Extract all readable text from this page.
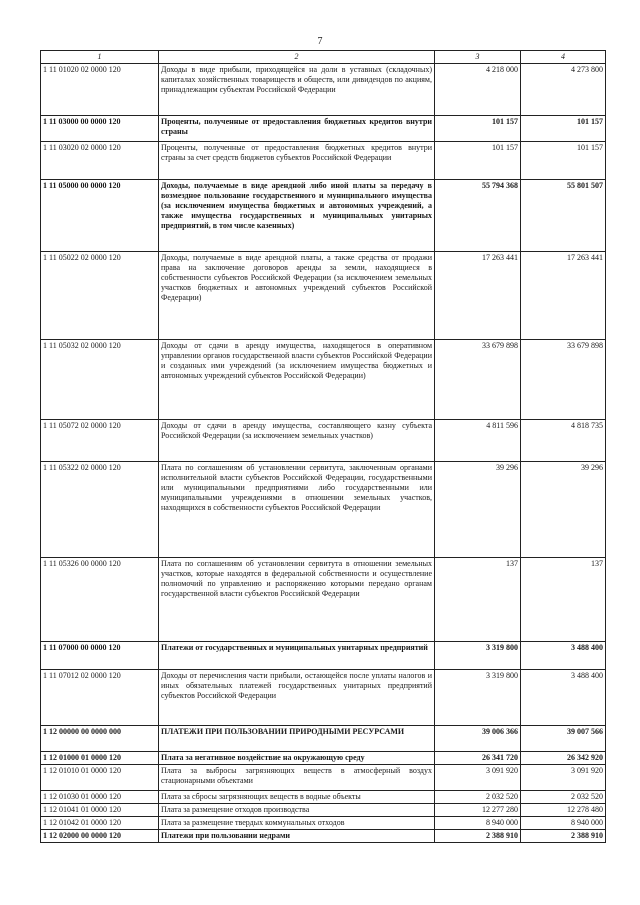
7
1	2	3	4
1 11 01020 02 0000 120	Доходы в виде прибыли, приходящейся на доли в уставных (складочных) капиталах хозяйственных товариществ и обществ, или дивидендов по акциям, принадлежащим субъектам Российской Федерации	4 218 000	4 273 800
1 11 03000 00 0000 120	Проценты, полученные от предоставления бюджетных кредитов внутри страны	101 157	101 157
1 11 03020 02 0000 120	Проценты, полученные от предоставления бюджетных кредитов внутри страны за счет средств бюджетов субъектов Российской Федерации	101 157	101 157
1 11 05000 00 0000 120	Доходы, получаемые в виде арендной либо иной платы за передачу в возмездное пользование государственного и муниципального имущества (за исключением имущества бюджетных и автономных учреждений, а также имущества государственных и муниципальных унитарных предприятий, в том числе казенных)	55 794 368	55 801 507
1 11 05022 02 0000 120	Доходы, получаемые в виде арендной платы, а также средства от продажи права на заключение договоров аренды за земли, находящиеся в собственности субъектов Российской Федерации (за исключением земельных участков бюджетных и автономных учреждений субъектов Российской Федерации)	17 263 441	17 263 441
1 11 05032 02 0000 120	Доходы от сдачи в аренду имущества, находящегося в оперативном управлении органов государственной власти субъектов Российской Федерации и созданных ими учреждений (за исключением имущества бюджетных и автономных учреждений субъектов Российской Федерации)	33 679 898	33 679 898
1 11 05072 02 0000 120	Доходы от сдачи в аренду имущества, составляющего казну субъекта Российской Федерации (за исключением земельных участков)	4 811 596	4 818 735
1 11 05322 02 0000 120	Плата по соглашениям об установлении сервитута, заключенным органами исполнительной власти субъектов Российской Федерации, государственными или муниципальными предприятиями либо государственными или муниципальными учреждениями в отношении земельных участков, находящихся в собственности субъектов Российской Федерации	39 296	39 296
1 11 05326 00 0000 120	Плата по соглашениям об установлении сервитута в отношении земельных участков, которые находятся в федеральной собственности и осуществление полномочий по управлению и распоряжению которыми передано органам государственной власти субъектов Российской Федерации	137	137
1 11 07000 00 0000 120	Платежи от государственных и муниципальных унитарных предприятий	3 319 800	3 488 400
1 11 07012 02 0000 120	Доходы от перечисления части прибыли, остающейся после уплаты налогов и иных обязательных платежей государственных унитарных предприятий субъектов Российской Федерации	3 319 800	3 488 400
1 12 00000 00 0000 000	ПЛАТЕЖИ ПРИ ПОЛЬЗОВАНИИ ПРИРОДНЫМИ РЕСУРСАМИ	39 006 366	39 007 566
1 12 01000 01 0000 120	Плата за негативное воздействие на окружающую среду	26 341 720	26 342 920
1 12 01010 01 0000 120	Плата за выбросы загрязняющих веществ в атмосферный воздух стационарными объектами	3 091 920	3 091 920
1 12 01030 01 0000 120	Плата за сбросы загрязняющих веществ в водные объекты	2 032 520	2 032 520
1 12 01041 01 0000 120	Плата за размещение отходов производства	12 277 280	12 278 480
1 12 01042 01 0000 120	Плата за размещение твердых коммунальных отходов	8 940 000	8 940 000
1 12 02000 00 0000 120	Платежи при пользовании недрами	2 388 910	2 388 910
